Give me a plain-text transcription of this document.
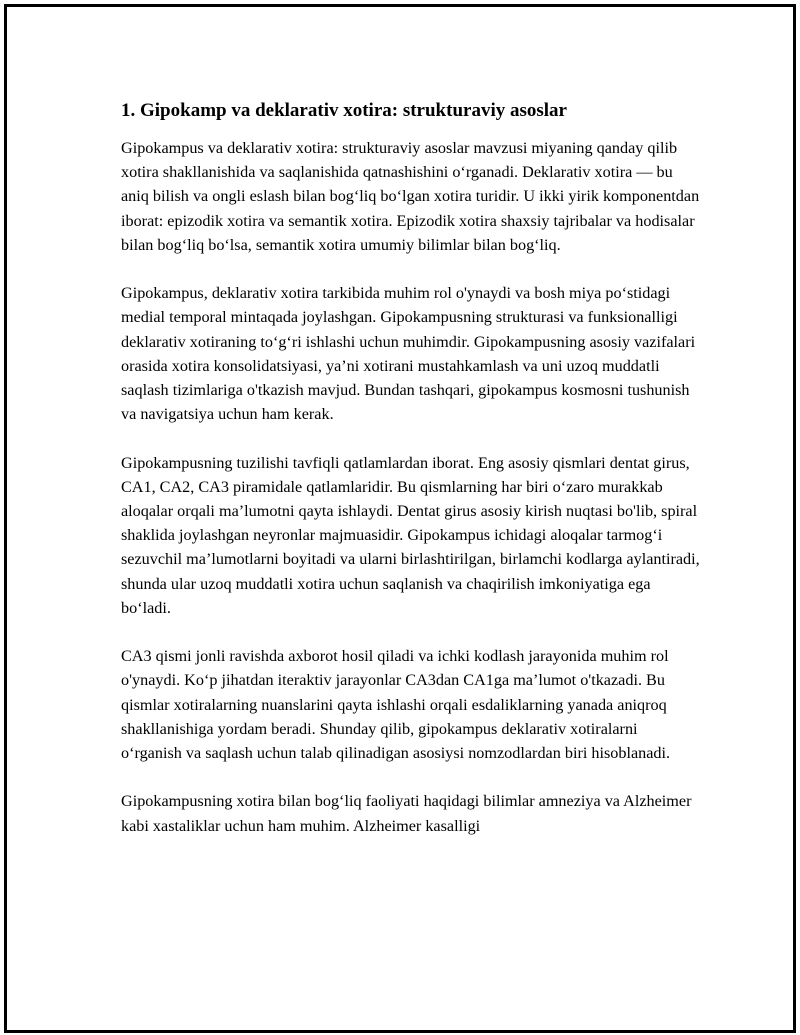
1. Gipokamp va deklarativ xotira: strukturaviy asoslar

Gipokampus va deklarativ xotira: strukturaviy asoslar mavzusi miyaning qanday qilib xotira shakllanishida va saqlanishida qatnashishini o‘rganadi. Deklarativ xotira — bu aniq bilish va ongli eslash bilan bog‘liq bo‘lgan xotira turidir. U ikki yirik komponentdan iborat: epizodik xotira va semantik xotira. Epizodik xotira shaxsiy tajribalar va hodisalar bilan bog‘liq bo‘lsa, semantik xotira umumiy bilimlar bilan bog‘liq.

Gipokampus, deklarativ xotira tarkibida muhim rol o'ynaydi va bosh miya po‘stidagi medial temporal mintaqada joylashgan. Gipokampusning strukturasi va funksionalligi deklarativ xotiraning to‘g‘ri ishlashi uchun muhimdir. Gipokampusning asosiy vazifalari orasida xotira konsolidatsiyasi, ya’ni xotirani mustahkamlash va uni uzoq muddatli saqlash tizimlariga o'tkazish mavjud. Bundan tashqari, gipokampus kosmosni tushunish va navigatsiya uchun ham kerak.

Gipokampusning tuzilishi tavfiqli qatlamlardan iborat. Eng asosiy qismlari dentat girus, CA1, CA2, CA3 piramidale qatlamlaridir. Bu qismlarning har biri o‘zaro murakkab aloqalar orqali ma’lumotni qayta ishlaydi. Dentat girus asosiy kirish nuqtasi bo'lib, spiral shaklida joylashgan neyronlar majmuasidir. Gipokampus ichidagi aloqalar tarmog‘i sezuvchil ma’lumotlarni boyitadi va ularni birlashtirilgan, birlamchi kodlarga aylantiradi, shunda ular uzoq muddatli xotira uchun saqlanish va chaqirilish imkoniyatiga ega bo‘ladi.

CA3 qismi jonli ravishda axborot hosil qiladi va ichki kodlash jarayonida muhim rol o'ynaydi. Ko‘p jihatdan iteraktiv jarayonlar CA3dan CA1ga ma’lumot o'tkazadi. Bu qismlar xotiralarning nuanslarini qayta ishlashi orqali esdaliklarning yanada aniqroq shakllanishiga yordam beradi. Shunday qilib, gipokampus deklarativ xotiralarni o‘rganish va saqlash uchun talab qilinadigan asosiysi nomzodlardan biri hisoblanadi.

Gipokampusning xotira bilan bog‘liq faoliyati haqidagi bilimlar amneziya va Alzheimer kabi xastaliklar uchun ham muhim. Alzheimer kasalligi
